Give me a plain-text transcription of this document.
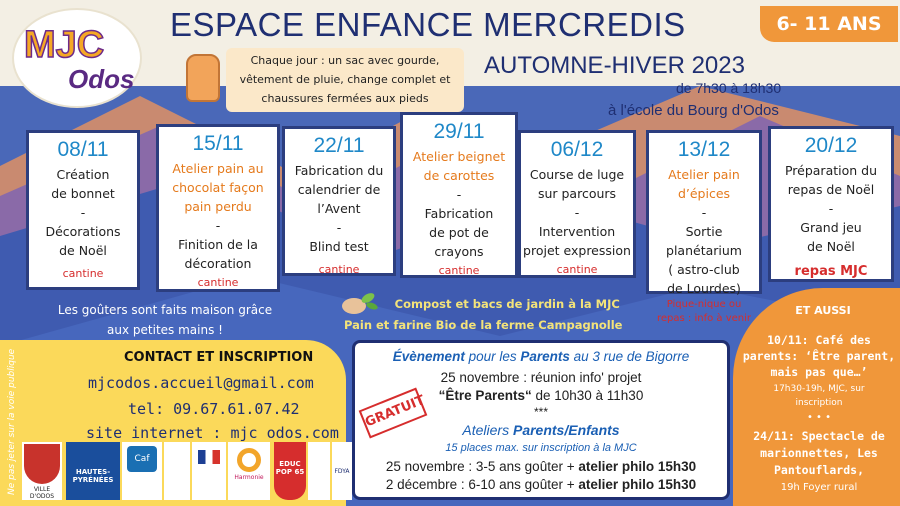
MJC
Odos
ESPACE ENFANCE MERCREDIS	6- 11 ANS
Chaque jour : un sac avec gourde,
vêtement de pluie, change complet et
chaussures fermées aux pieds
AUTOMNE-HIVER 2023
de 7h30 à 18h30
à l'école du Bourg d'Odos
08/11
Création
de bonnet
-
Décorations
de Noël
cantine
15/11
Atelier pain au
chocolat façon
pain perdu
-
Finition de la
décoration
cantine
22/11
Fabrication du
calendrier de
l’Avent
-
Blind test
cantine
29/11
Atelier beignet
de carottes
-
Fabrication
de pot de
crayons
cantine
06/12
Course de luge
sur parcours
-
Intervention
projet expression
cantine
13/12
Atelier pain
d’épices
-
Sortie
planétarium
( astro-club
de Lourdes)
Pique-nique ou
repas : info à venir
20/12
Préparation du
repas de Noël
-
Grand jeu
de Noël
repas MJC
Les goûters sont faits maison grâce
aux petites mains !
Compost et bacs de jardin à la MJC
Pain et farine Bio de la ferme Campagnolle
CONTACT ET INSCRIPTION
mjcodos.accueil@gmail.com
tel: 09.67.61.07.42
site internet : mjc odos.com
Ne pas jeter sur la voie publique	VILLE D'ODOS
HAUTES-
PYRÉNÉES
Caf
Harmonie
EDUC POP 65	FDYA
Évènement pour les Parents au 3 rue de Bigorre
25 novembre : réunion info' projet
“Être Parents“ de 10h30 à 11h30
***
Ateliers Parents/Enfants
15 places max. sur inscription à la MJC
25 novembre : 3-5 ans goûter + atelier philo 15h30
2 décembre : 6-10 ans goûter + atelier philo 15h30
GRATUIT
ET AUSSI
10/11: Café des
parents: ‘Être parent,
mais pas que…’
17h30-19h, MJC, sur
inscription
• • •
24/11: Spectacle de
marionnettes, Les
Pantouflards,
19h Foyer rural
